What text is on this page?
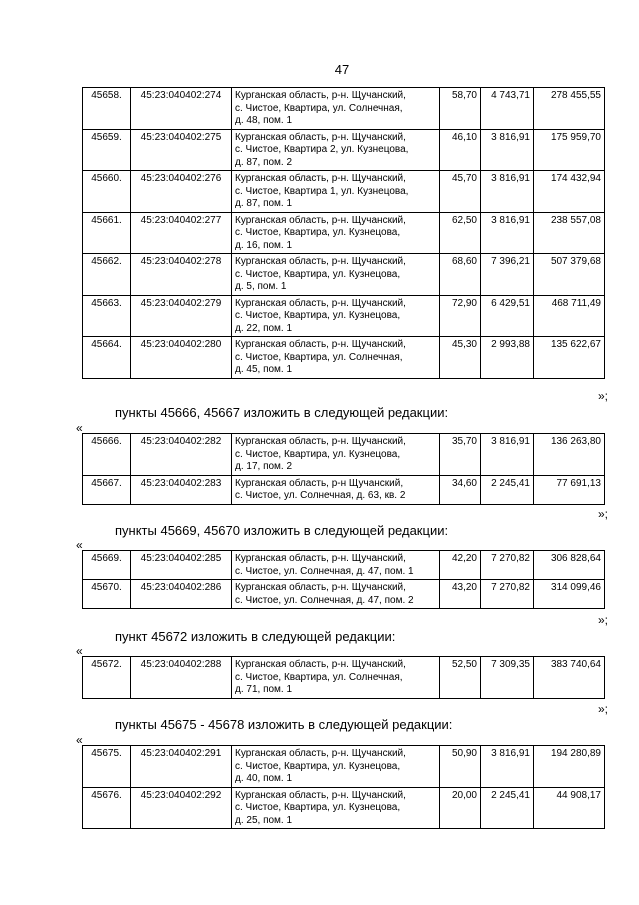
47
45658.	45:23:040402:274	Курганская область, р-н. Щучанский,
с. Чистое, Квартира, ул. Солнечная,
д. 48, пом. 1	58,70	4 743,71	278 455,55
45659.	45:23:040402:275	Курганская область, р-н. Щучанский,
с. Чистое, Квартира 2, ул. Кузнецова,
д. 87, пом. 2	46,10	3 816,91	175 959,70
45660.	45:23:040402:276	Курганская область, р-н. Щучанский,
с. Чистое, Квартира 1, ул. Кузнецова,
д. 87, пом. 1	45,70	3 816,91	174 432,94
45661.	45:23:040402:277	Курганская область, р-н. Щучанский,
с. Чистое, Квартира, ул. Кузнецова,
д. 16, пом. 1	62,50	3 816,91	238 557,08
45662.	45:23:040402:278	Курганская область, р-н. Щучанский,
с. Чистое, Квартира, ул. Кузнецова,
д. 5, пом. 1	68,60	7 396,21	507 379,68
45663.	45:23:040402:279	Курганская область, р-н. Щучанский,
с. Чистое, Квартира, ул. Кузнецова,
д. 22, пом. 1	72,90	6 429,51	468 711,49
45664.	45:23:040402:280	Курганская область, р-н. Щучанский,
с. Чистое, Квартира, ул. Солнечная,
д. 45, пом. 1	45,30	2 993,88	135 622,67
»;
пункты 45666, 45667 изложить в следующей редакции:
«
45666.	45:23:040402:282	Курганская область, р-н. Щучанский,
с. Чистое, Квартира, ул. Кузнецова,
д. 17, пом. 2	35,70	3 816,91	136 263,80
45667.	45:23:040402:283	Курганская область, р-н Щучанский,
с. Чистое, ул. Солнечная, д. 63, кв. 2	34,60	2 245,41	77 691,13
»;
пункты 45669, 45670 изложить в следующей редакции:
«
45669.	45:23:040402:285	Курганская область, р-н. Щучанский,
с. Чистое, ул. Солнечная, д. 47, пом. 1	42,20	7 270,82	306 828,64
45670.	45:23:040402:286	Курганская область, р-н. Щучанский,
с. Чистое, ул. Солнечная, д. 47, пом. 2	43,20	7 270,82	314 099,46
»;
пункт 45672 изложить в следующей редакции:
«
45672.	45:23:040402:288	Курганская область, р-н. Щучанский,
с. Чистое, Квартира, ул. Солнечная,
д. 71, пом. 1
	52,50	7 309,35	383 740,64
»;
пункты 45675 - 45678 изложить в следующей редакции:
«
45675.	45:23:040402:291	Курганская область, р-н. Щучанский,
с. Чистое, Квартира, ул. Кузнецова,
д. 40, пом. 1	50,90	3 816,91	194 280,89
45676.	45:23:040402:292	Курганская область, р-н. Щучанский,
с. Чистое, Квартира, ул. Кузнецова,
д. 25, пом. 1	20,00	2 245,41	44 908,17
